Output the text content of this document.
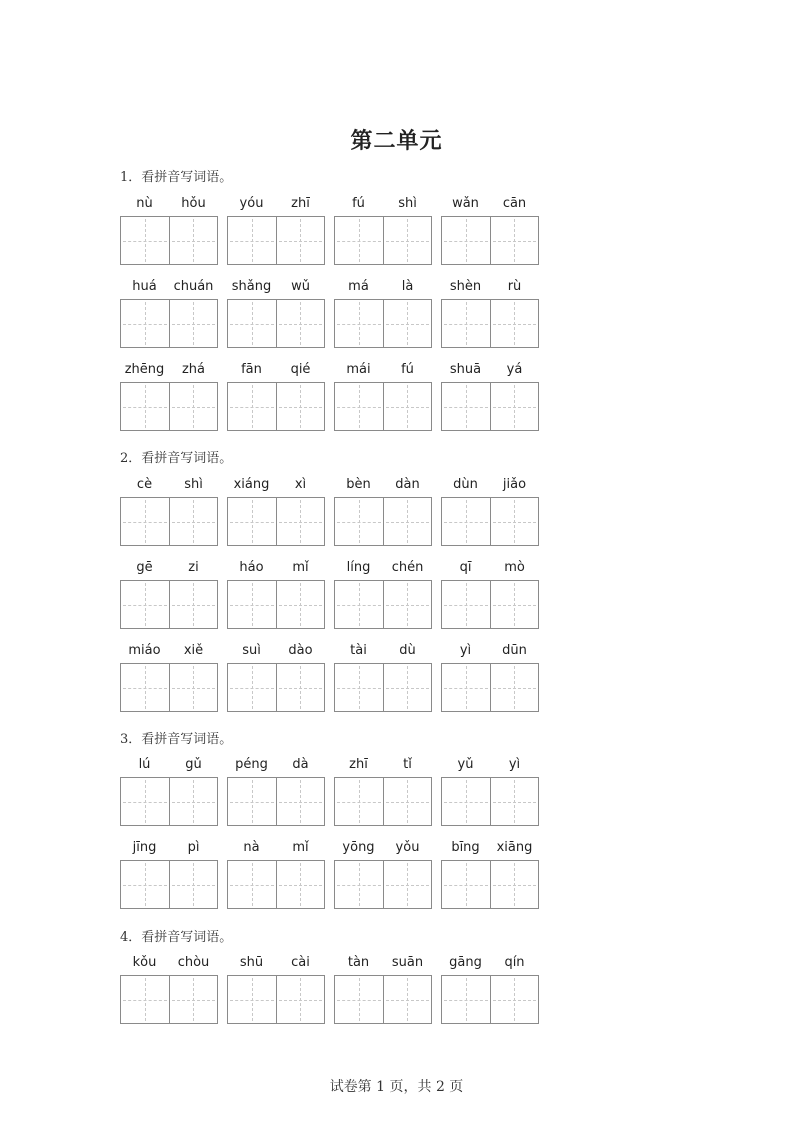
第二单元
1．看拼音写词语。
2．看拼音写词语。
3．看拼音写词语。
4．看拼音写词语。
nù	hǒu	yóu	zhī	fú	shì	wǎn	cān
huá	chuán	shǎng	wǔ	má	là	shèn	rù
zhēng	zhá	fān	qié	mái	fú	shuā	yá
cè	shì	xiáng	xì	bèn	dàn	dùn	jiǎo
gē	zi	háo	mǐ	líng	chén	qī	mò
miáo	xiě	suì	dào	tài	dù	yì	dūn
lú	gǔ	péng	dà	zhī	tǐ	yǔ	yì
jīng	pì	nà	mǐ	yōng	yǒu	bīng	xiāng
kǒu	chòu	shū	cài	tàn	suān	gāng	qín
试卷第 1 页，共 2 页
